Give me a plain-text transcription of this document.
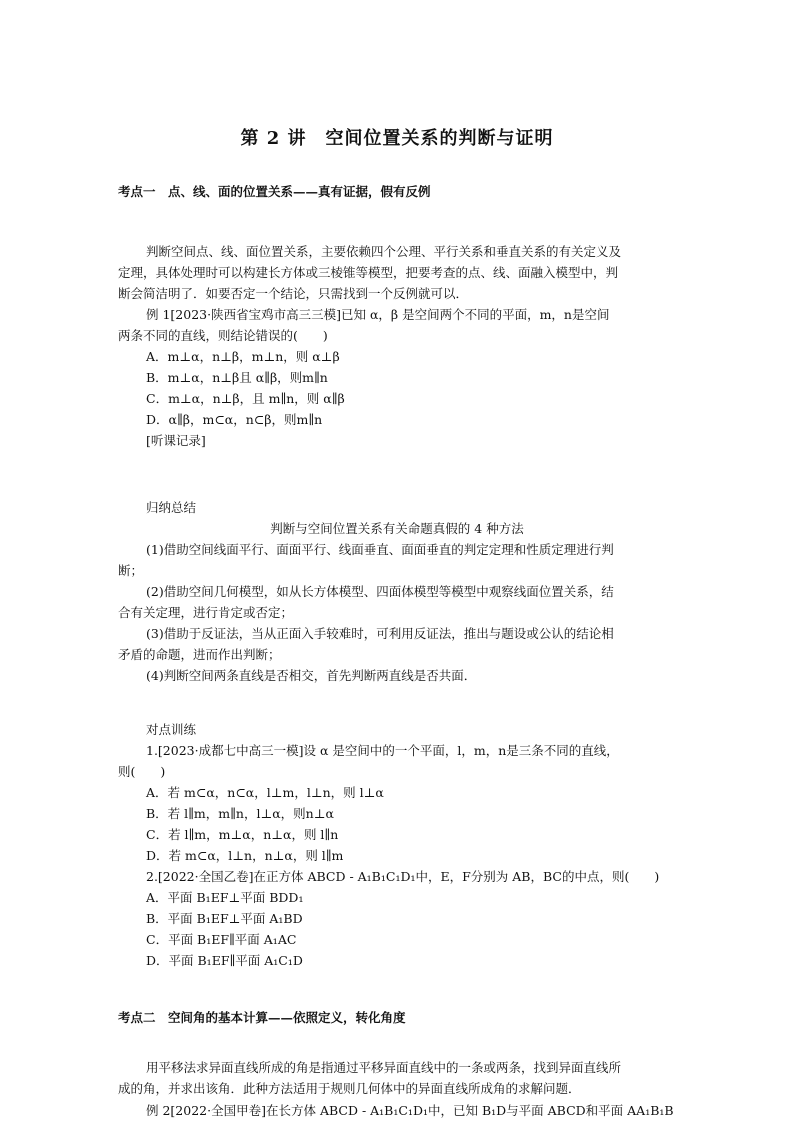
第 2 讲　空间位置关系的判断与证明
考点一　点、线、面的位置关系——真有证据，假有反例
判断空间点、线、面位置关系，主要依赖四个公理、平行关系和垂直关系的有关定义及
定理，具体处理时可以构建长方体或三棱锥等模型，把要考查的点、线、面融入模型中，判
断会简洁明了．如要否定一个结论，只需找到一个反例就可以．
例 1[2023·陕西省宝鸡市高三三模]已知 α，β 是空间两个不同的平面，m，n是空间
两条不同的直线，则结论错误的(　　)
A．m⊥α，n⊥β，m⊥n，则 α⊥β
B．m⊥α，n⊥β且 α∥β，则m∥n
C．m⊥α，n⊥β，且 m∥n，则 α∥β
D．α∥β，m⊂α，n⊂β，则m∥n
[听课记录]
归纳总结
判断与空间位置关系有关命题真假的 4 种方法
(1)借助空间线面平行、面面平行、线面垂直、面面垂直的判定定理和性质定理进行判
断；
(2)借助空间几何模型，如从长方体模型、四面体模型等模型中观察线面位置关系，结
合有关定理，进行肯定或否定；
(3)借助于反证法，当从正面入手较难时，可利用反证法，推出与题设或公认的结论相
矛盾的命题，进而作出判断；
(4)判断空间两条直线是否相交，首先判断两直线是否共面．
对点训练
1.[2023·成都七中高三一模]设 α 是空间中的一个平面，l，m，n是三条不同的直线，
则(　　)
A．若 m⊂α，n⊂α，l⊥m，l⊥n，则 l⊥α
B．若 l∥m，m∥n，l⊥α，则n⊥α
C．若 l∥m，m⊥α，n⊥α，则 l∥n
D．若 m⊂α，l⊥n，n⊥α，则 l∥m
2.[2022·全国乙卷]在正方体 ABCD - A₁B₁C₁D₁中，E，F分别为 AB，BC的中点，则(　　)
A．平面 B₁EF⊥平面 BDD₁
B．平面 B₁EF⊥平面 A₁BD
C．平面 B₁EF∥平面 A₁AC
D．平面 B₁EF∥平面 A₁C₁D
考点二　空间角的基本计算——依照定义，转化角度
用平移法求异面直线所成的角是指通过平移异面直线中的一条或两条，找到异面直线所
成的角，并求出该角．此种方法适用于规则几何体中的异面直线所成角的求解问题．
例 2[2022·全国甲卷]在长方体 ABCD - A₁B₁C₁D₁中，已知 B₁D与平面 ABCD和平面 AA₁B₁B
